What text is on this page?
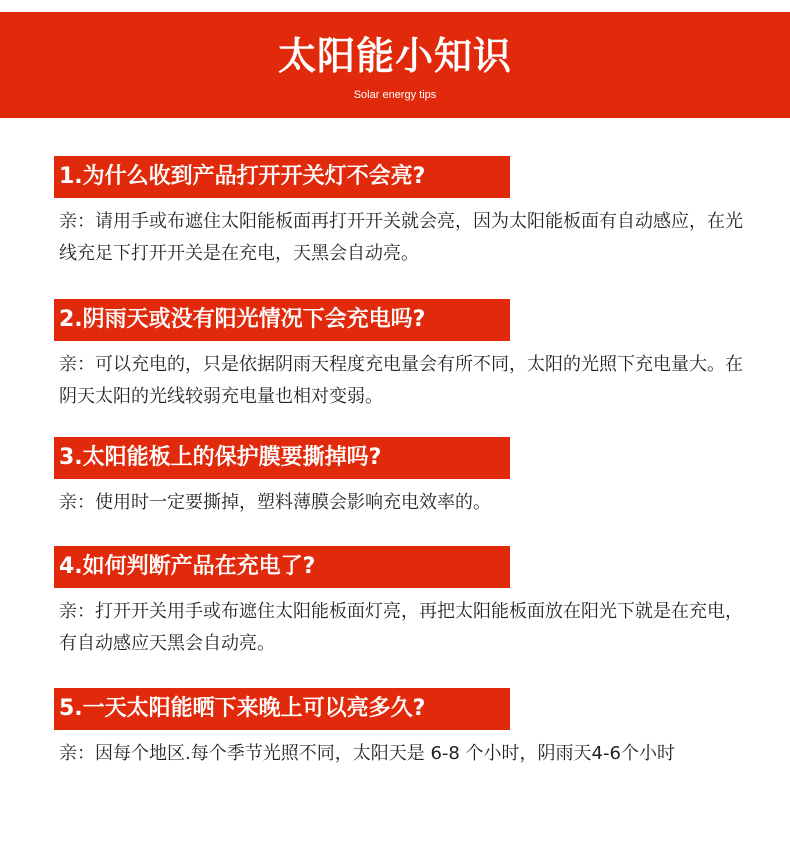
太阳能小知识
Solar energy tips
1.为什么收到产品打开开关灯不会亮?
亲：请用手或布遮住太阳能板面再打开开关就会亮，因为太阳能板面有自动感应，在光线充足下打开开关是在充电，天黑会自动亮。
2.阴雨天或没有阳光情况下会充电吗?
亲：可以充电的，只是依据阴雨天程度充电量会有所不同，太阳的光照下充电量大。在阴天太阳的光线较弱充电量也相对变弱。
3.太阳能板上的保护膜要撕掉吗?
亲：使用时一定要撕掉，塑料薄膜会影响充电效率的。
4.如何判断产品在充电了?
亲：打开开关用手或布遮住太阳能板面灯亮，再把太阳能板面放在阳光下就是在充电，有自动感应天黑会自动亮。
5.一天太阳能晒下来晚上可以亮多久?
亲：因每个地区.每个季节光照不同，太阳天是 6-8 个小时，阴雨天4-6个小时
